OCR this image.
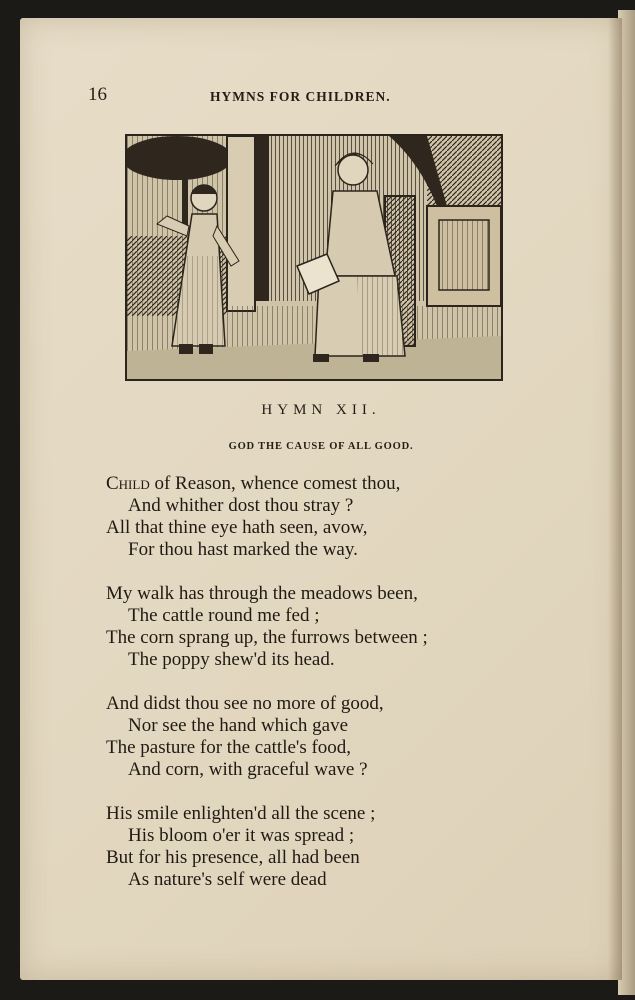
16	HYMNS FOR CHILDREN.
HYMN XII.
GOD THE CAUSE OF ALL GOOD.
Child of Reason, whence comest thou,
And whither dost thou stray ?
All that thine eye hath seen, avow,
For thou hast marked the way.
My walk has through the meadows been,
The cattle round me fed ;
The corn sprang up, the furrows between ;
The poppy shew'd its head.
And didst thou see no more of good,
Nor see the hand which gave
The pasture for the cattle's food,
And corn, with graceful wave ?
His smile enlighten'd all the scene ;
His bloom o'er it was spread ;
But for his presence, all had been
As nature's self were dead
